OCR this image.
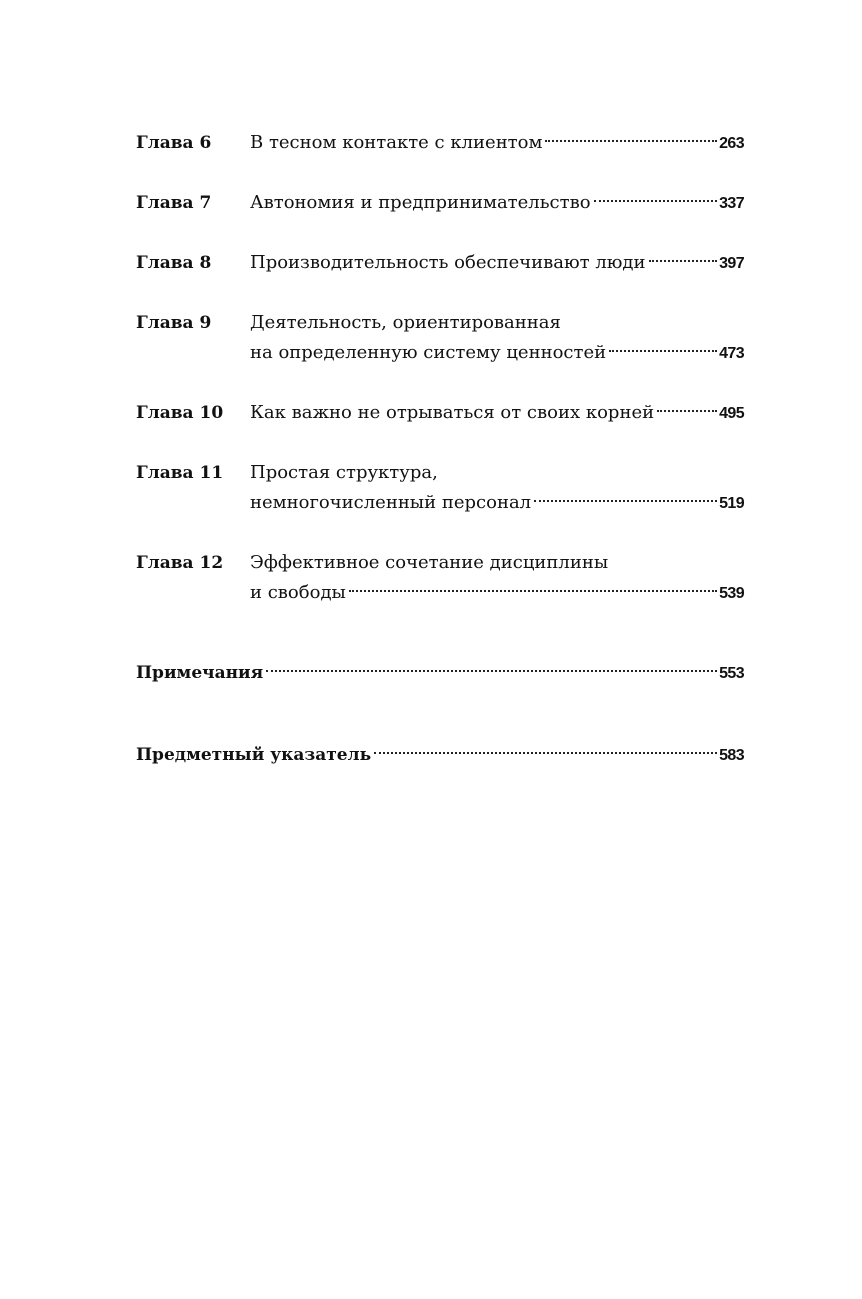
Глава 6 В тесном контакте с клиентом	263
Глава 7 Автономия и предпринимательство	337
Глава 8 Производительность обеспечивают люди	397
Глава 9 Деятельность, ориентированная
на определенную систему ценностей	473
Глава 10 Как важно не отрываться от своих корней	495
Глава 11 Простая структура,
немногочисленный персонал	519
Глава 12 Эффективное сочетание дисциплины
и свободы	539
Примечания	553
Предметный указатель	583
